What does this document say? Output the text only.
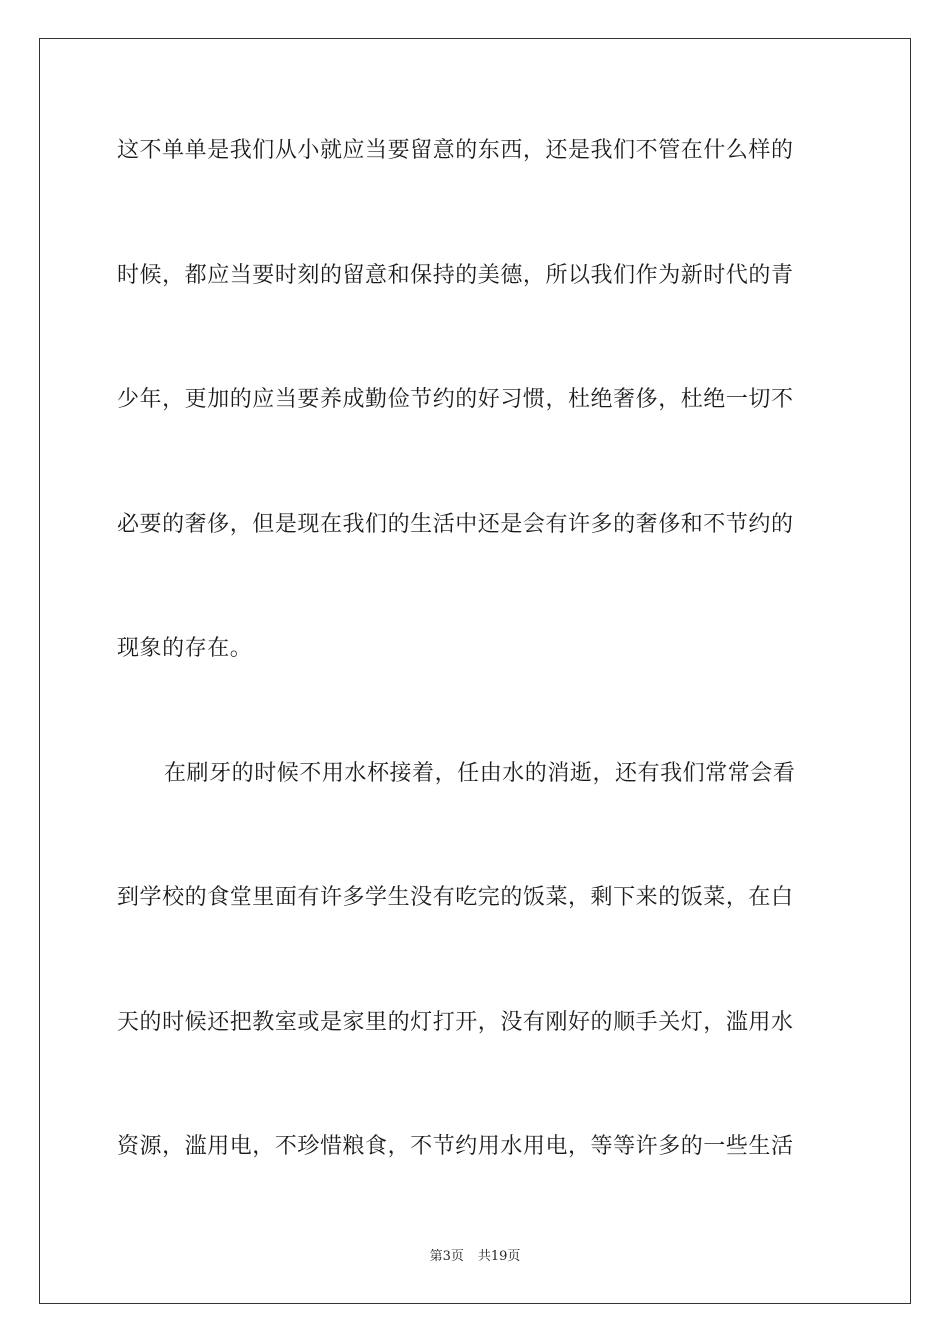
这不单单是我们从小就应当要留意的东西，还是我们不管在什么样的
时候，都应当要时刻的留意和保持的美德，所以我们作为新时代的青
少年，更加的应当要养成勤俭节约的好习惯，杜绝奢侈，杜绝一切不
必要的奢侈，但是现在我们的生活中还是会有许多的奢侈和不节约的
现象的存在。
在刷牙的时候不用水杯接着，任由水的消逝，还有我们常常会看
到学校的食堂里面有许多学生没有吃完的饭菜，剩下来的饭菜，在白
天的时候还把教室或是家里的灯打开，没有刚好的顺手关灯，滥用水
资源，滥用电，不珍惜粮食，不节约用水用电，等等许多的一些生活
第3页 共19页
